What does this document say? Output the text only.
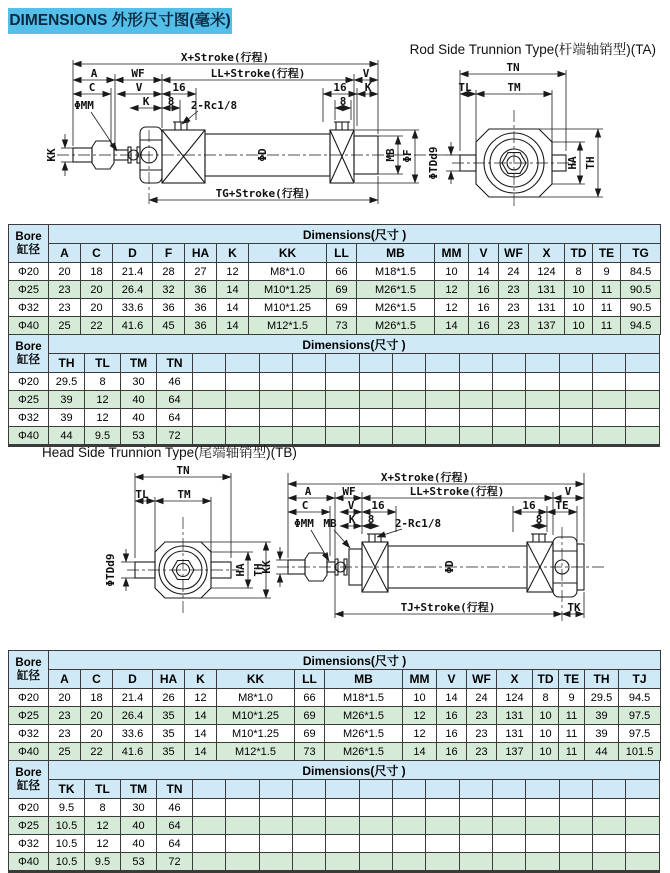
DIMENSIONS 外形尺寸图(毫米)
Rod Side Trunnion Type(杆端轴销型)(TA)
X+Stroke(行程)
A	WF	LL+Stroke(行程)	V
C	V	16	16 K
ΦMM	K 8 2-Rc1/8	8
KK	ΦD	MB ΦF
TG+Stroke(行程)
TN
TL	TM
HA TH
ΦTDd9
Bore
缸径	Dimensions(尺寸 )															
	A	C	D	F	HA	K	KK	LL	MB	MM	V	WF	X	TD	TE	TG
Φ20	20	18	21.4	28	27	12	M8*1.0	66	M18*1.5	10	14	24	124	8	9	84.5
Φ25	23	20	26.4	32	36	14	M10*1.25	69	M26*1.5	12	16	23	131	10	11	90.5
Φ32	23	20	33.6	36	36	14	M10*1.25	69	M26*1.5	12	16	23	131	10	11	90.5
Φ40	25	22	41.6	45	36	14	M12*1.5	73	M26*1.5	14	16	23	137	10	11	94.5
Bore
缸径	Dimensions(尺寸 )																	
	TH	TL	TM	TN														
Φ20	29.5	8	30	46														
Φ25	39	12	40	64														
Φ32	39	12	40	64														
Φ40	44	9.5	53	72														
Head Side Trunnion Type(尾端轴销型)(TB)
TN
TL	TM
ΦTDd9	HA TH
X+Stroke(行程)
A	WF	LL+Stroke(行程)	V
C	V 16	16 TE
ΦMM MB K 8 2-Rc1/8	8
KK	ΦD
TJ+Stroke(行程)	TK
Bore
缸径	Dimensions(尺寸 )															
	A	C	D	HA	K	KK	LL	MB	MM	V	WF	X	TD	TE	TH	TJ
Φ20	20	18	21.4	26	12	M8*1.0	66	M18*1.5	10	14	24	124	8	9	29.5	94.5
Φ25	23	20	26.4	35	14	M10*1.25	69	M26*1.5	12	16	23	131	10	11	39	97.5
Φ32	23	20	33.6	35	14	M10*1.25	69	M26*1.5	12	16	23	131	10	11	39	97.5
Φ40	25	22	41.6	35	14	M12*1.5	73	M26*1.5	14	16	23	137	10	11	44	101.5
Bore
缸径	Dimensions(尺寸 )																	
	TK	TL	TM	TN														
Φ20	9.5	8	30	46														
Φ25	10.5	12	40	64														
Φ32	10.5	12	40	64														
Φ40	10.5	9.5	53	72														
